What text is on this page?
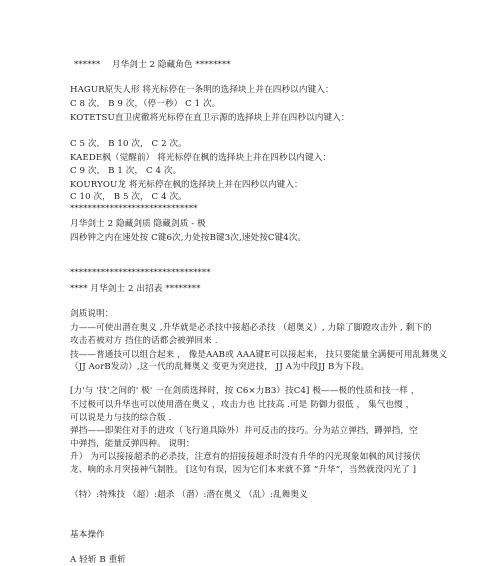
****** 　月华剑士 2 隐藏角色 ********
HAGUR原失人形 将光标停在一条明的选择块上并在四秒以内键入：
C 8 次， B 9 次，（停一秒） C 1 次。
KOTETSU直卫虎徹将光标停在直卫示源的选择块上并在四秒以内键入：
C 5 次， B 10 次， C 2 次。
KAEDE枫（觉醒前） 将光标停在枫的选择块上并在四秒以内键入：
C 9 次， B 1 次， C 4 次。
KOURYOU龙 将光标停在枫的选择块上并在四秒以内键入：
C 10 次， B 5 次， C 4 次。
*****************************
月华剑士 2 隐藏剑质 隐藏剑质 - 极
四秒钟之内在速处按 C键6次,力处按B键3次,速处按C键4次。
********************************
**** 月华剑士 2 出招表 ********
剑质说明：
力——可使出潜在奥义 ,升华就是必杀技中接超必杀技 （超奥义）, 力除了脚蹬攻击外 , 剩下的
攻击若被对方 挡住的话都会被弹回来 .
技——普通技可以组合起来 ， 像是AAB或 AAA键E可以接起来， 技只要能量全满便可用乱舞奥义
（JJ AorB发动）,这一代的乱舞奥义 变更为突进技， JJ A为中段JJ B为下段。
[力'与 '技'之间的' 极' 一在剑质选择时，按 C6×力B3）技C4] 极——极的性质和技一样 ，
不过极可以升华也可以使用潜在奥义 ，攻击力也 比技高 .可是 防御力很低 ， 集气也慢 ，
可以说是力与技的综合版 .
弹挡——即架住对手的进攻（飞行道具除外）并可反击的技巧。分为站立弹挡，蹲弹挡，空
中弹挡，能量反弹四种。 说明：
升） 为可以接接超杀的必杀技，注意有的招接接超杀时没有升华的闪光现象如枫的风讨接伏
龙、响的永月突接神气制胜。 [这句有误，因为它们本来就不算 “升华”，当然就没闪光了 ]
（特）:特殊技 （超）:超杀 （潜）:潜在奥义 （乱）:乱舞奥义
基本操作
A 轻斩 B 重斩
